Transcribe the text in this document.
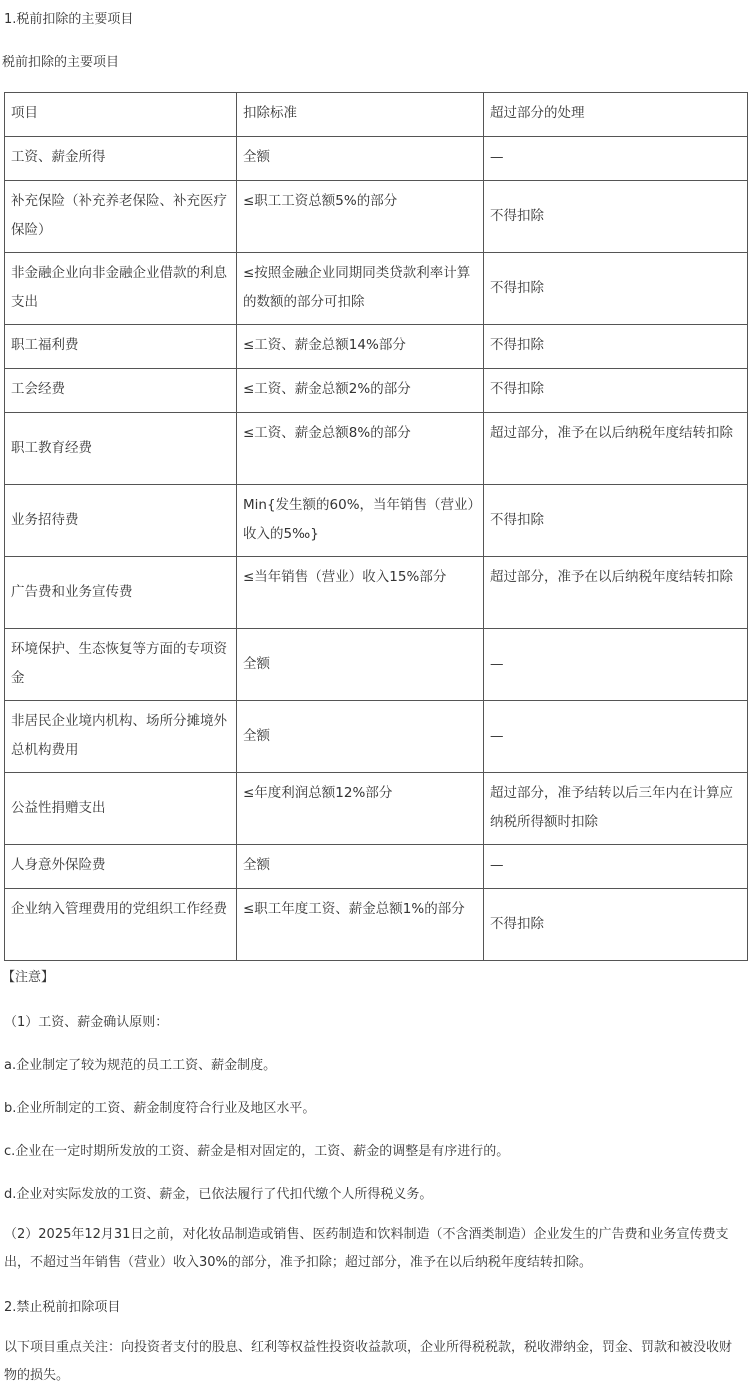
1.税前扣除的主要项目
税前扣除的主要项目
项目	扣除标准	超过部分的处理
工资、薪金所得	全额	—
补充保险（补充养老保险、补充医疗保险）	≤职工工资总额5%的部分	不得扣除
非金融企业向非金融企业借款的利息支出	≤按照金融企业同期同类贷款利率计算的数额的部分可扣除	不得扣除
职工福利费	≤工资、薪金总额14%部分	不得扣除
工会经费	≤工资、薪金总额2%的部分	不得扣除
职工教育经费	≤工资、薪金总额8%的部分	超过部分，准予在以后纳税年度结转扣除
业务招待费	Min{发生额的60%，当年销售（营业）收入的5‰}	不得扣除
广告费和业务宣传费	≤当年销售（营业）收入15%部分	超过部分，准予在以后纳税年度结转扣除
环境保护、生态恢复等方面的专项资金	全额	—
非居民企业境内机构、场所分摊境外总机构费用	全额	—
公益性捐赠支出	≤年度利润总额12%部分	超过部分，准予结转以后三年内在计算应纳税所得额时扣除
人身意外保险费	全额	—
企业纳入管理费用的党组织工作经费	≤职工年度工资、薪金总额1%的部分	不得扣除
【注意】
（1）工资、薪金确认原则：
a.企业制定了较为规范的员工工资、薪金制度。
b.企业所制定的工资、薪金制度符合行业及地区水平。
c.企业在一定时期所发放的工资、薪金是相对固定的，工资、薪金的调整是有序进行的。
d.企业对实际发放的工资、薪金，已依法履行了代扣代缴个人所得税义务。
（2）2025年12月31日之前，对化妆品制造或销售、医药制造和饮料制造（不含酒类制造）企业发生的广告费和业务宣传费支出，不超过当年销售（营业）收入30%的部分，准予扣除；超过部分，准予在以后纳税年度结转扣除。
2.禁止税前扣除项目
以下项目重点关注：向投资者支付的股息、红利等权益性投资收益款项，企业所得税税款，税收滞纳金，罚金、罚款和被没收财物的损失。
